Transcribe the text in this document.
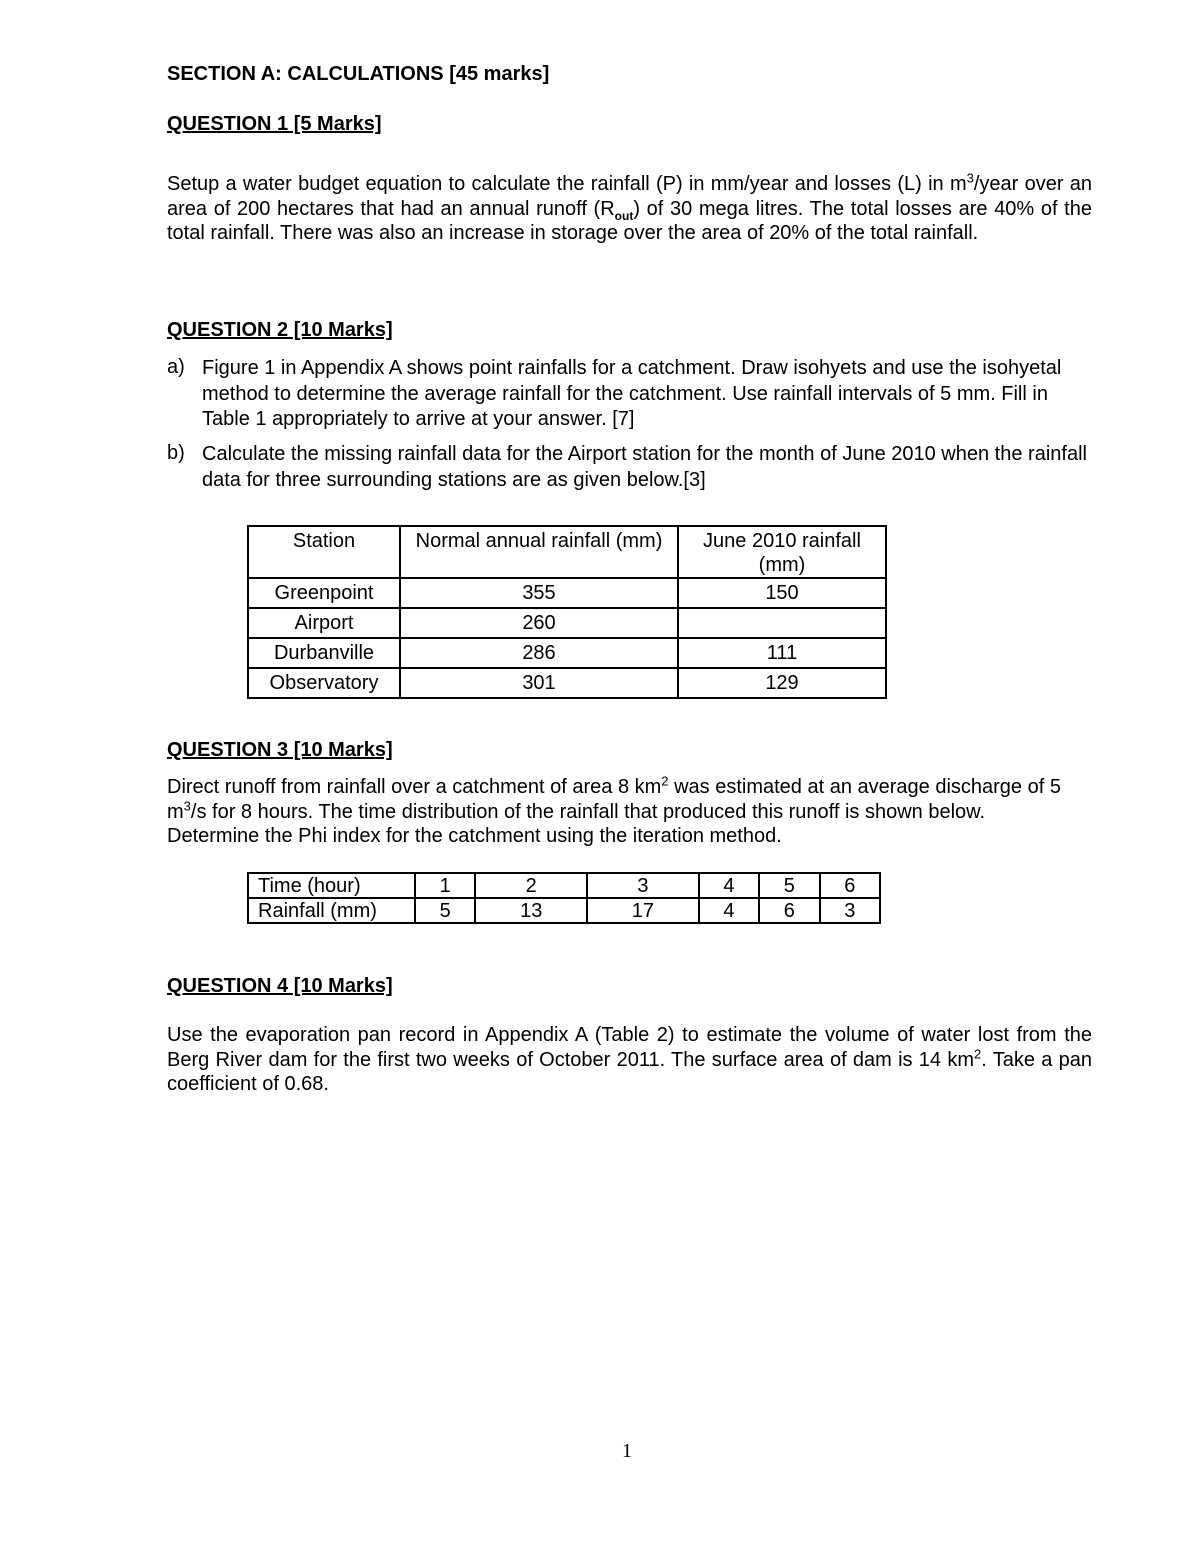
SECTION A: CALCULATIONS [45 marks]
QUESTION 1 [5 Marks]
Setup a water budget equation to calculate the rainfall (P) in mm/year and losses (L) in $m^3$/year over an area of 200 hectares that had an annual runoff $(R_{out})$ of 30 mega litres. The total losses are 40% of the total rainfall. There was also an increase in storage over the area of 20% of the total rainfall.
QUESTION 2 [10 Marks]
a) Figure 1 in Appendix A shows point rainfalls for a catchment. Draw isohyets and use the isohyetal method to determine the average rainfall for the catchment. Use rainfall intervals of 5 mm. Fill in Table 1 appropriately to arrive at your answer. [7]
b) Calculate the missing rainfall data for the Airport station for the month of June 2010 when the rainfall data for three surrounding stations are as given below.[3]
Station	Normal annual rainfall (mm)	June 2010 rainfall (mm)
Greenpoint	355	150
Airport	260	
Durbanville	286	111
Observatory	301	129
QUESTION 3 [10 Marks]
Direct runoff from rainfall over a catchment of area 8 $km^2$ was estimated at an average discharge of 5 $m^3/s$ for 8 hours. The time distribution of the rainfall that produced this runoff is shown below. Determine the Phi index for the catchment using the iteration method.
Time (hour)	1	2	3	4	5	6
Rainfall (mm)	5	13	17	4	6	3
QUESTION 4 [10 Marks]
Use the evaporation pan record in Appendix A (Table 2) to estimate the volume of water lost from the Berg River dam for the first two weeks of October 2011. The surface area of dam is 14 $km^2$. Take a pan coefficient of 0.68.
1
